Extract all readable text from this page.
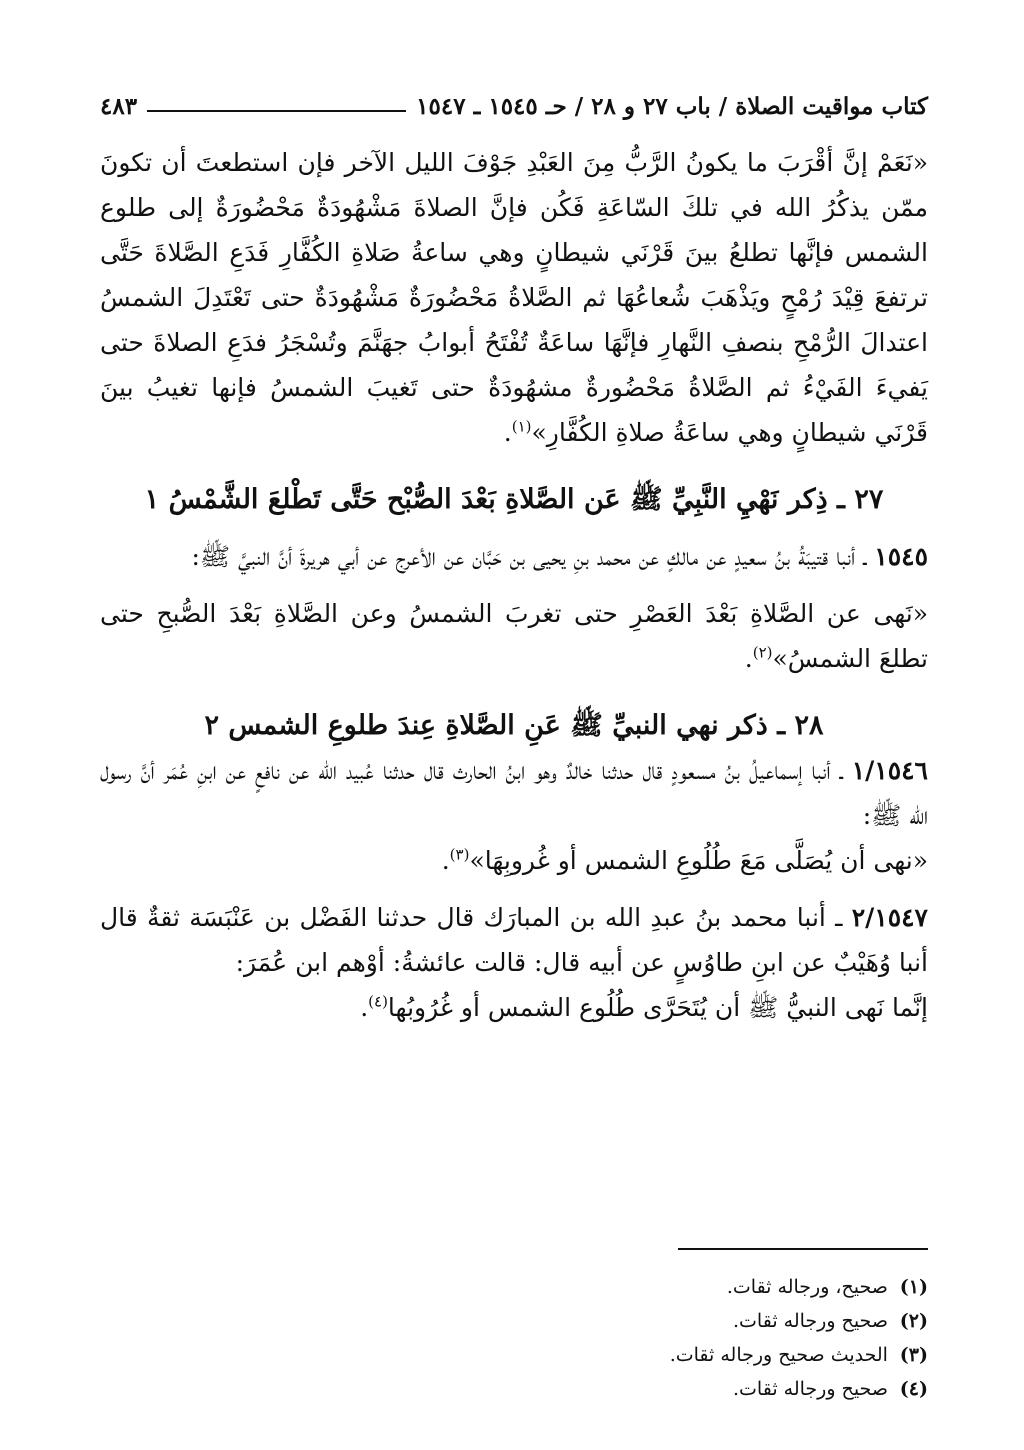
كتاب مواقيت الصلاة / باب ٢٧ و ٢٨ / حـ ١٥٤٥ ـ ١٥٤٧
٤٨٣

«نَعَمْ إنَّ أقْرَبَ ما يكونُ الرَّبُّ مِنَ العَبْدِ جَوْفَ الليل الآخر فإن استطعتَ أن تكونَ ممّن يذكُرُ الله في تلكَ السّاعَةِ فَكُن فإنَّ الصلاةَ مَشْهُودَةٌ مَحْضُورَةٌ إلى طلوع الشمس فإنَّها تطلعُ بينَ قَرْنَي شيطانٍ وهي ساعةُ صَلاةِ الكُفَّارِ فَدَعِ الصَّلاةَ حَتَّى ترتفعَ قِيْدَ رُمْحٍ ويَذْهَبَ شُعاعُهَا ثم الصَّلاةُ مَحْضُورَةٌ مَشْهُودَةٌ حتى تَعْتَدِلَ الشمسُ اعتدالَ الرُّمْحِ بنصفِ النَّهارِ فإنَّهَا ساعَةٌ تُفْتَحُ أبوابُ جهَنَّمَ وتُسْجَرُ فدَعِ الصلاةَ حتى يَفيءَ الفَيْءُ ثم الصَّلاةُ مَحْضُورةٌ مشهُودَةٌ حتى تَغيبَ الشمسُ فإنها تغيبُ بينَ قَرْنَي شيطانٍ وهي ساعَةُ صلاةِ الكُفَّارِ»$^{(١)}$.

٢٧ ـ ذِكر نَهْيِ النَّبِيِّ ﷺ عَن الصَّلاةِ بَعْدَ الصُّبْح حَتَّى تَطْلعَ الشَّمْسُ ١

١٥٤٥ ـ أنبا قتيبَةُ بنُ سعيدٍ عن مالكٍ عن محمد بنِ يحيى بن حَبَّان عن الأعرج عن أبي هريرةَ أنَّ النبيَّ ﷺ:

«نَهى عن الصَّلاةِ بَعْدَ العَصْرِ حتى تغربَ الشمسُ وعن الصَّلاةِ بَعْدَ الصُّبحِ حتى تطلعَ الشمسُ»$^{(٢)}$.

٢٨ ـ ذكر نهي النبيِّ ﷺ عَنِ الصَّلاةِ عِندَ طلوعِ الشمس ٢

١/١٥٤٦ ـ أنبا إسماعيلُ بنُ مسعودٍ قال حدثنا خالدٌ وهو ابنُ الحارث قال حدثنا عُبيد الله عن نافعٍ عن ابنِ عُمَر أنَّ رسول الله ﷺ:

«نهى أن يُصَلَّى مَعَ طُلُوعِ الشمس أو غُروبِهَا»$^{(٣)}$.

٢/١٥٤٧ ـ أنبا محمد بنُ عبدِ الله بن المبارَك قال حدثنا الفَضْل بن عَنْبَسَة ثقةٌ قال أنبا وُهَيْبٌ عن ابنِ طاوُسٍ عن أبيه قال: قالت عائشةُ: أوْهم ابن عُمَرَ:

إنَّما نَهى النبيُّ ﷺ أن يُتَحَرَّى طُلُوع الشمس أو غُرُوبُها$^{(٤)}$.

(١) صحيح، ورجاله ثقات.

(٢) صحيح ورجاله ثقات.

(٣) الحديث صحيح ورجاله ثقات.

(٤) صحيح ورجاله ثقات.
